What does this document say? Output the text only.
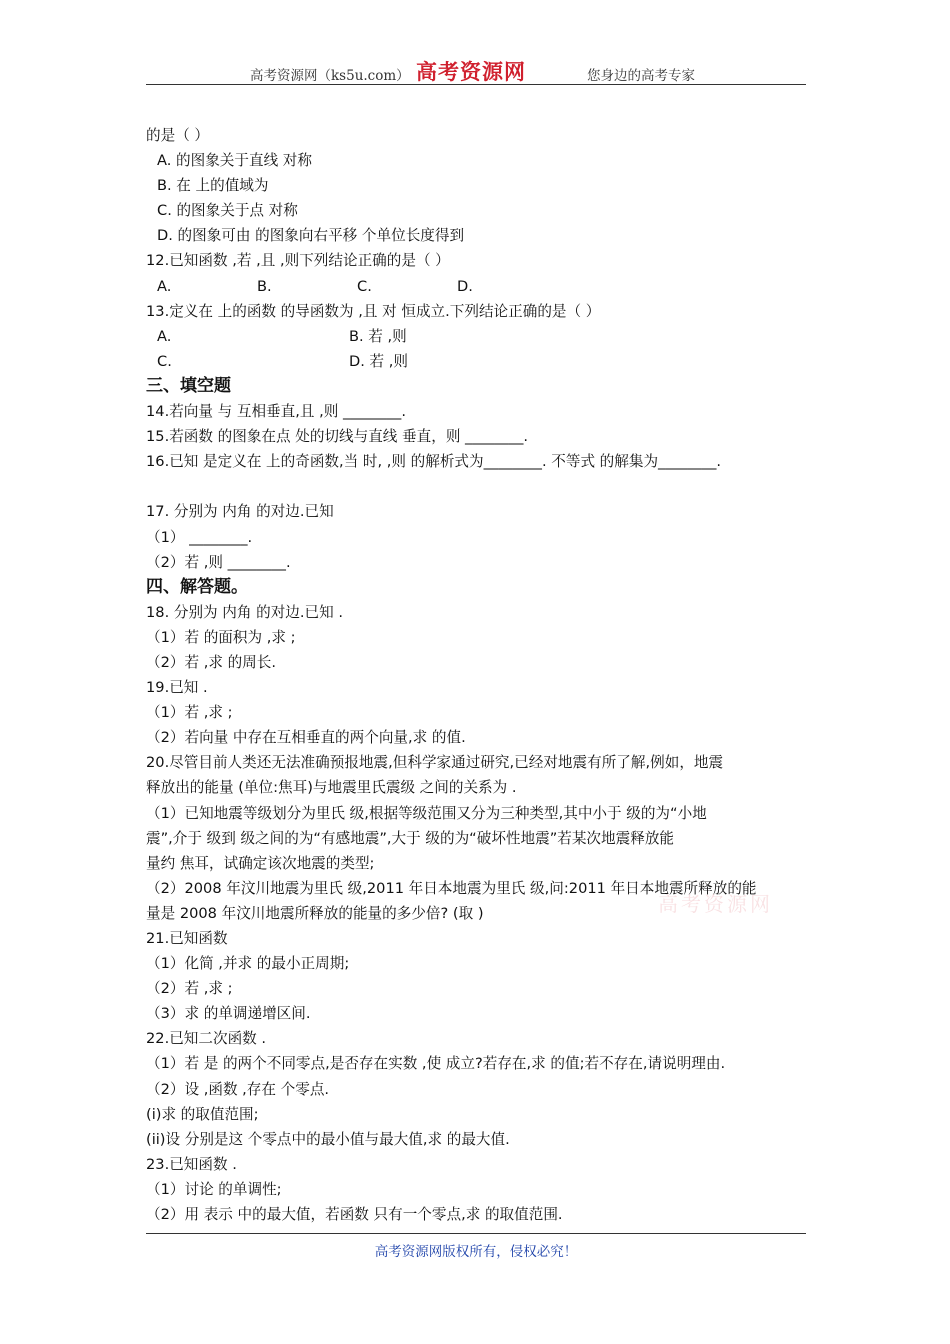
高考资源网（ks5u.com） 高考资源网	您身边的高考专家
的是（ ）
A. 的图象关于直线 对称
B. 在 上的值域为
C. 的图象关于点 对称
D. 的图象可由 的图象向右平移 个单位长度得到
12.已知函数 ,若 ,且 ,则下列结论正确的是（ ）
A.	B.	C.	D.
13.定义在 上的函数 的导函数为 ,且 对 恒成立.下列结论正确的是（ ）
A.	B. 若 ,则
C.	D. 若 ,则
三、填空题
14.若向量 与 互相垂直,且 ,则 ________.
15.若函数 的图象在点 处的切线与直线 垂直，则 ________.
16.已知 是定义在 上的奇函数,当 时, ,则 的解析式为________. 不等式 的解集为________.
17. 分别为 内角 的对边.已知
（1） ________.
（2）若 ,则 ________.
四、解答题。
18. 分别为 内角 的对边.已知 .
（1）若 的面积为 ,求 ;
（2）若 ,求 的周长.
19.已知 .
（1）若 ,求 ;
（2）若向量 中存在互相垂直的两个向量,求 的值.
20.尽管目前人类还无法准确预报地震,但科学家通过研究,已经对地震有所了解,例如，地震
释放出的能量 (单位:焦耳)与地震里氏震级 之间的关系为 .
（1）已知地震等级划分为里氏 级,根据等级范围又分为三种类型,其中小于 级的为“小地
震”,介于 级到 级之间的为“有感地震”,大于 级的为“破坏性地震”若某次地震释放能
量约 焦耳，试确定该次地震的类型;
（2）2008 年汶川地震为里氏 级,2011 年日本地震为里氏 级,问:2011 年日本地震所释放的能
量是 2008 年汶川地震所释放的能量的多少倍? (取 )
21.已知函数
（1）化简 ,并求 的最小正周期;
（2）若 ,求 ;
（3）求 的单调递增区间.
22.已知二次函数 .
（1）若 是 的两个不同零点,是否存在实数 ,使 成立?若存在,求 的值;若不存在,请说明理由.
（2）设 ,函数 ,存在 个零点.
(i)求 的取值范围;
(ii)设 分别是这 个零点中的最小值与最大值,求 的最大值.
23.已知函数 .
（1）讨论 的单调性;
（2）用 表示 中的最大值，若函数 只有一个零点,求 的取值范围.
高考资源网
高考资源网版权所有，侵权必究！
